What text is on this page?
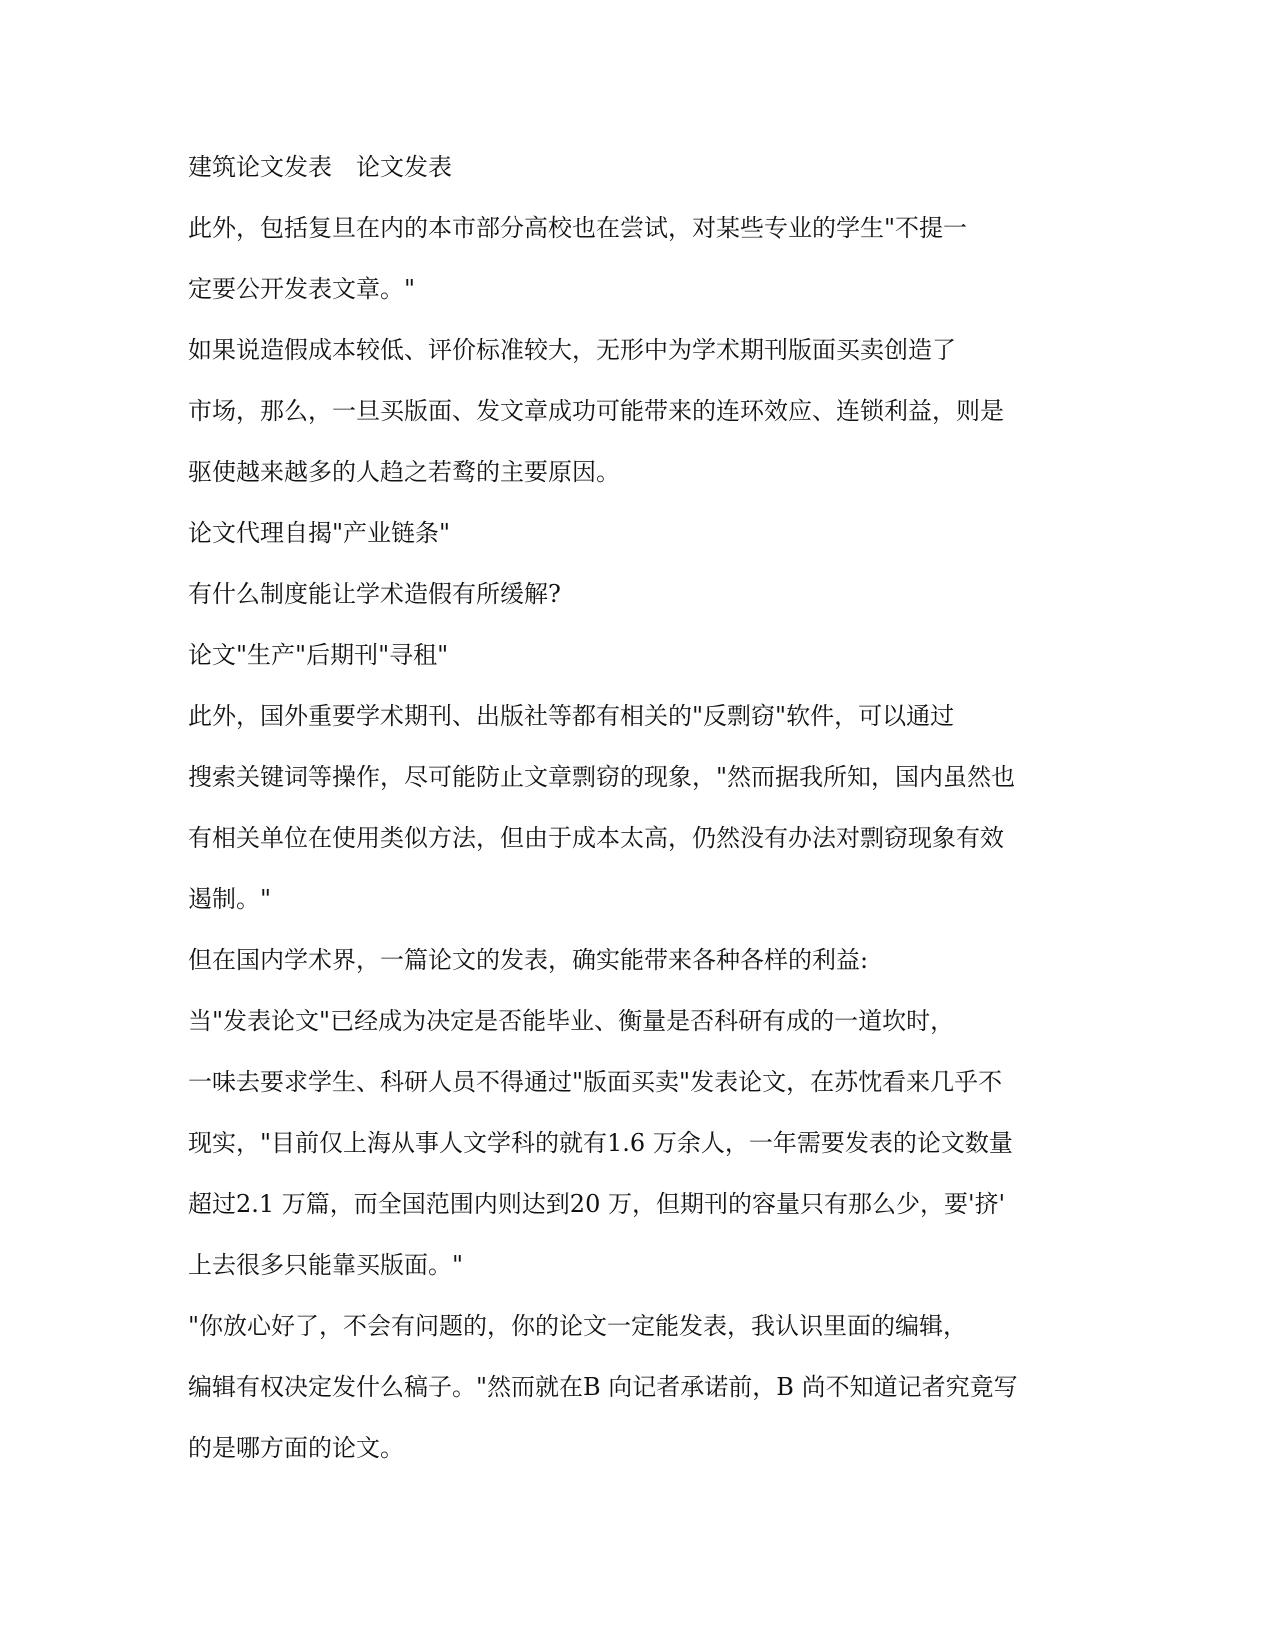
建筑论文发表　论文发表
此外，包括复旦在内的本市部分高校也在尝试，对某些专业的学生"不提一
定要公开发表文章。"
如果说造假成本较低、评价标准较大，无形中为学术期刊版面买卖创造了
市场，那么，一旦买版面、发文章成功可能带来的连环效应、连锁利益，则是
驱使越来越多的人趋之若鹜的主要原因。
论文代理自揭"产业链条"
有什么制度能让学术造假有所缓解?
论文"生产"后期刊"寻租"
此外，国外重要学术期刊、出版社等都有相关的"反剽窃"软件，可以通过
搜索关键词等操作，尽可能防止文章剽窃的现象，"然而据我所知，国内虽然也
有相关单位在使用类似方法，但由于成本太高，仍然没有办法对剽窃现象有效
遏制。"
但在国内学术界，一篇论文的发表，确实能带来各种各样的利益:
当"发表论文"已经成为决定是否能毕业、衡量是否科研有成的一道坎时，
一味去要求学生、科研人员不得通过"版面买卖"发表论文，在苏忱看来几乎不
现实，"目前仅上海从事人文学科的就有1.6 万余人，一年需要发表的论文数量
超过2.1 万篇，而全国范围内则达到20 万，但期刊的容量只有那么少，要'挤'
上去很多只能靠买版面。"
"你放心好了，不会有问题的，你的论文一定能发表，我认识里面的编辑，
编辑有权决定发什么稿子。"然而就在B 向记者承诺前，B 尚不知道记者究竟写
的是哪方面的论文。
